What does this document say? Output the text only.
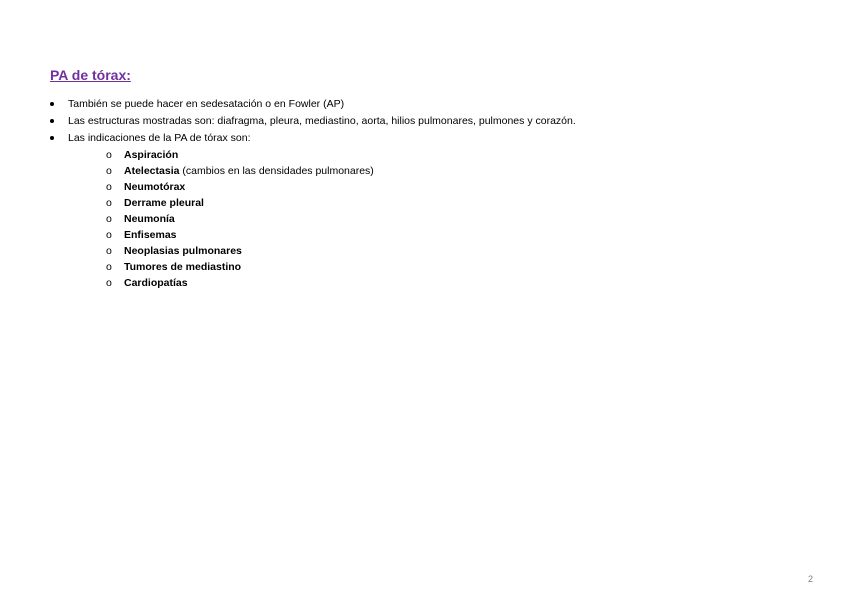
PA de tórax:
También se puede hacer en sedesatación o en Fowler (AP)
Las estructuras mostradas son: diafragma, pleura, mediastino, aorta, hilios pulmonares, pulmones y corazón.
Las indicaciones de la PA de tórax son:
o Aspiración
o Atelectasia (cambios en las densidades pulmonares)
o Neumotórax
o Derrame pleural
o Neumonía
o Enfisemas
o Neoplasias pulmonares
o Tumores de mediastino
o Cardiopatías
2
